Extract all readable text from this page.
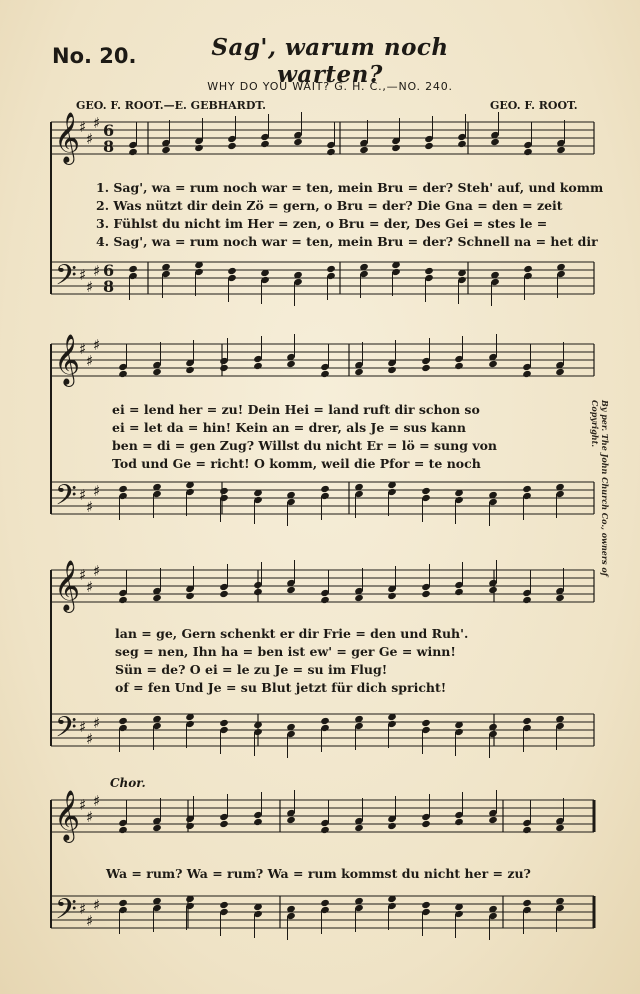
No. 20.	Sag', warum noch warten?
WHY DO YOU WAIT? G. H. C.,—NO. 240.
GEO. F. ROOT.—E. GEBHARDT.	GEO. F. ROOT.
By per. The John Church Co., owners of Copyright.
Chor.
𝄞
𝄢
♯
♯
♯
♯
♯
♯
6
8
6
8
𝄞
𝄢
♯
♯
♯
♯
♯
♯
𝄞
𝄢
♯
♯
♯
♯
♯
♯
𝄞
𝄢
♯
♯
♯
♯
♯
♯
1. Sag', wa = rum noch war = ten, mein Bru = der? Steh' auf, und komm
2. Was nützt dir dein Zö = gern, o Bru = der? Die Gna = den = zeit
3. Fühlst du nicht im Her = zen, o Bru = der, Des Gei = stes le =
4. Sag', wa = rum noch war = ten, mein Bru = der? Schnell na = het dir
ei = lend her = zu! Dein Hei = land ruft dir schon so
ei = let da = hin! Kein an = drer, als Je = sus kann
ben = di = gen Zug? Willst du nicht Er = lö = sung von
Tod und Ge = richt! O komm, weil die Pfor = te noch
lan = ge, Gern schenkt er dir Frie = den und Ruh'.
seg = nen, Ihn ha = ben ist ew' = ger Ge = winn!
Sün = de? O ei = le zu Je = su im Flug!
of = fen Und Je = su Blut jetzt für dich spricht!
Wa = rum? Wa = rum? Wa = rum kommst du nicht her = zu?
